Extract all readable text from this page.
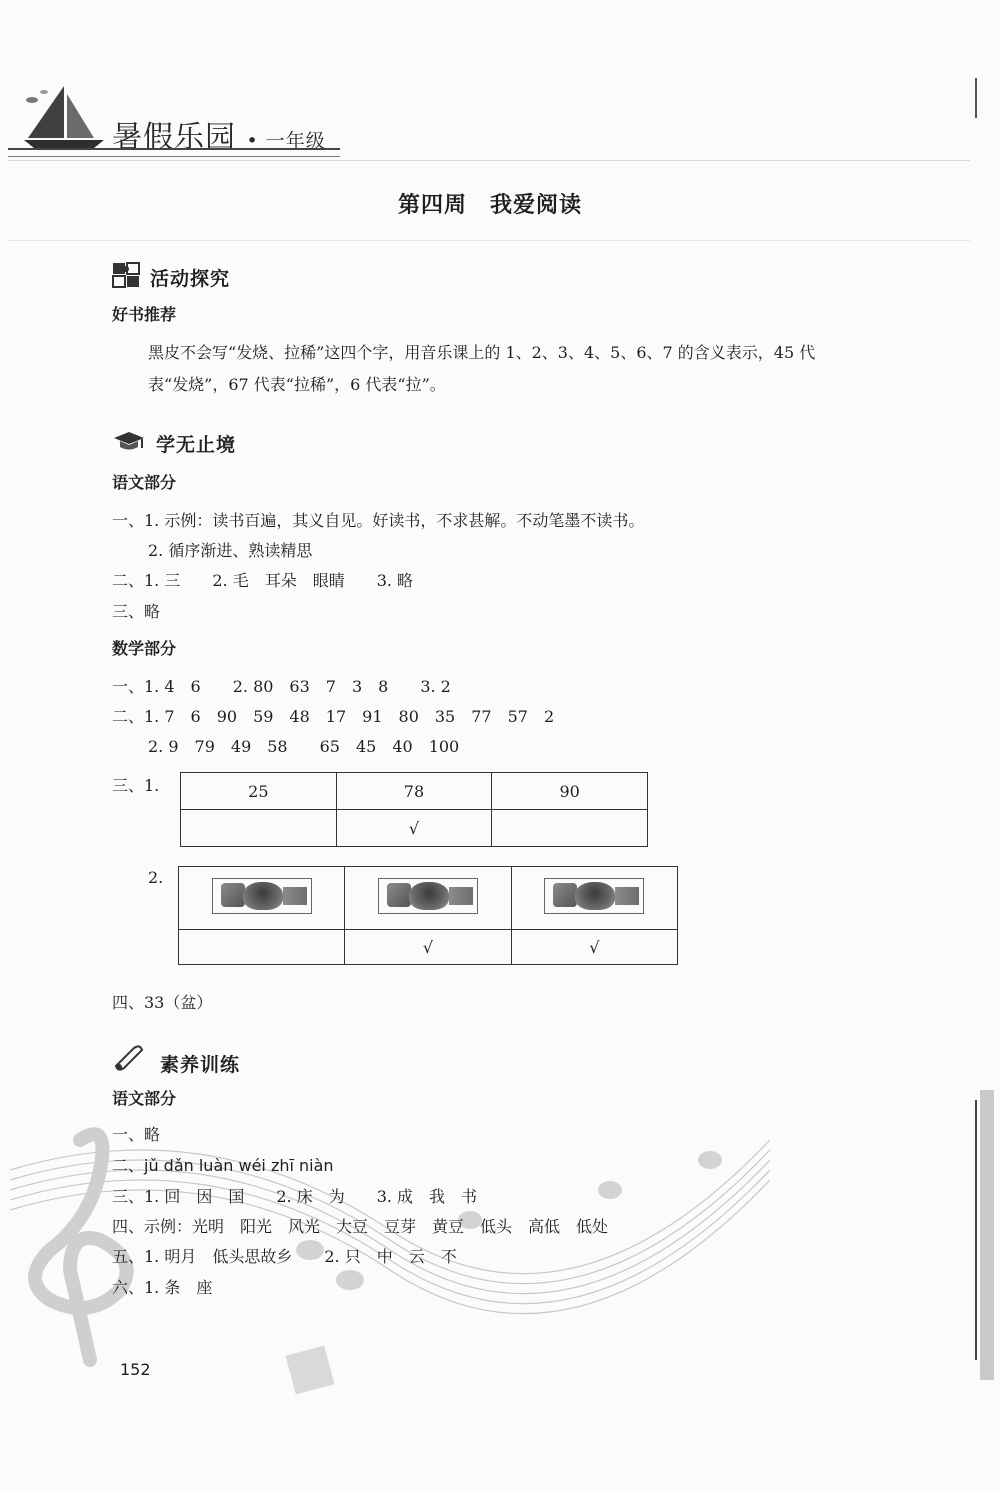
暑假乐园 • 一年级
第四周　我爱阅读
活动探究
好书推荐
黑皮不会写“发烧、拉稀”这四个字，用音乐课上的 1、2、3、4、5、6、7 的含义表示，45 代
表“发烧”，67 代表“拉稀”，6 代表“拉”。
学无止境
语文部分
一、1. 示例：读书百遍，其义自见。好读书，不求甚解。不动笔墨不读书。
2. 循序渐进、熟读精思
二、1. 三　　2. 毛　耳朵　眼睛　　3. 略
三、略
数学部分
一、1. 4　6　　2. 80　63　7　3　8　　3. 2
二、1. 7　6　90　59　48　17　91　80　35　77　57　2
2. 9　79　49　58　　65　45　40　100
三、1.	25	78	90
	√	
2.

	√	√
四、33（盆）
素养训练
语文部分
一、略
二、jǔ dǎn luàn wéi zhī niàn
三、1. 回　因　国　　2. 床　为　　3. 成　我　书
四、示例：光明　阳光　风光　大豆　豆芽　黄豆　低头　高低　低处
五、1. 明月　低头思故乡　　2. 只　中　云　不
六、1. 条　座
152
